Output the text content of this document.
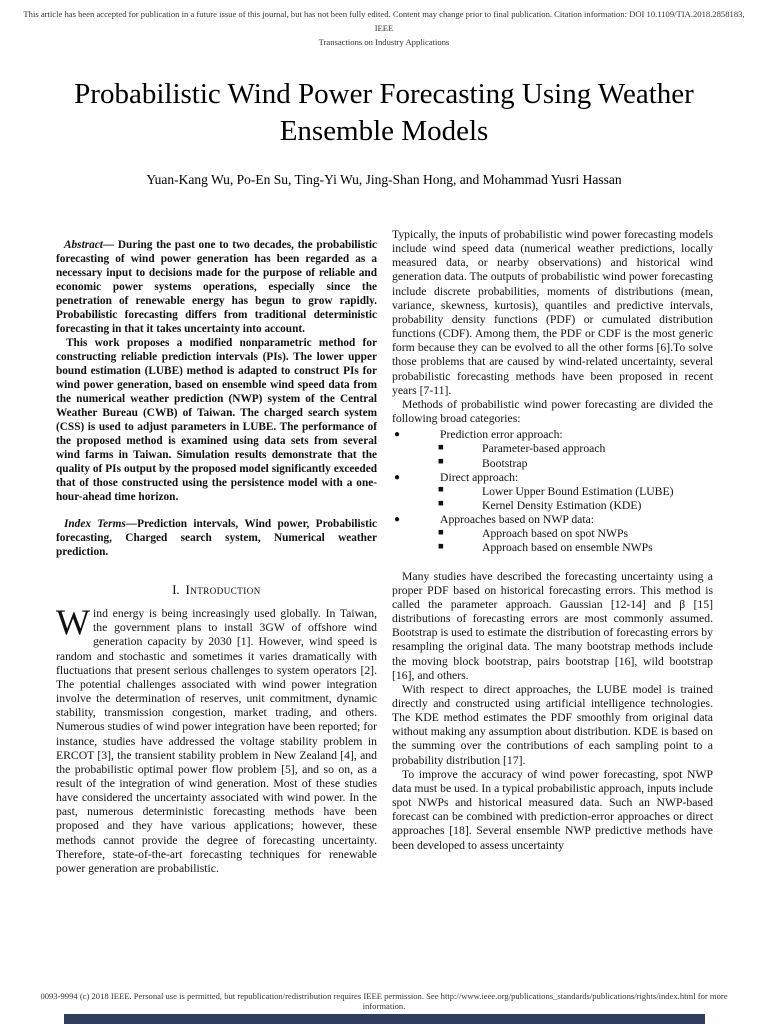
This article has been accepted for publication in a future issue of this journal, but has not been fully edited. Content may change prior to final publication. Citation information: DOI 10.1109/TIA.2018.2858183, IEEE
Transactions on Industry Applications
Probabilistic Wind Power Forecasting Using Weather Ensemble Models
Yuan-Kang Wu, Po-En Su, Ting-Yi Wu, Jing-Shan Hong, and Mohammad Yusri Hassan

Abstract— During the past one to two decades, the probabilistic forecasting of wind power generation has been regarded as a necessary input to decisions made for the purpose of reliable and economic power systems operations, especially since the penetration of renewable energy has begun to grow rapidly. Probabilistic forecasting differs from traditional deterministic forecasting in that it takes uncertainty into account.

This work proposes a modified nonparametric method for constructing reliable prediction intervals (PIs). The lower upper bound estimation (LUBE) method is adapted to construct PIs for wind power generation, based on ensemble wind speed data from the numerical weather prediction (NWP) system of the Central Weather Bureau (CWB) of Taiwan. The charged search system (CSS) is used to adjust parameters in LUBE. The performance of the proposed method is examined using data sets from several wind farms in Taiwan. Simulation results demonstrate that the quality of PIs output by the proposed model significantly exceeded that of those constructed using the persistence model with a one-hour-ahead time horizon.

Index Terms—Prediction intervals, Wind power, Probabilistic forecasting, Charged search system, Numerical weather prediction.

I. Introduction

Wind energy is being increasingly used globally. In Taiwan, the government plans to install 3GW of offshore wind generation capacity by 2030 [1]. However, wind speed is random and stochastic and sometimes it varies dramatically with fluctuations that present serious challenges to system operators [2]. The potential challenges associated with wind power integration involve the determination of reserves, unit commitment, dynamic stability, transmission congestion, market trading, and others. Numerous studies of wind power integration have been reported; for instance, studies have addressed the voltage stability problem in ERCOT [3], the transient stability problem in New Zealand [4], and the probabilistic optimal power flow problem [5], and so on, as a result of the integration of wind generation. Most of these studies have considered the uncertainty associated with wind power. In the past, numerous deterministic forecasting methods have been proposed and they have various applications; however, these methods cannot provide the degree of forecasting uncertainty. Therefore, state-of-the-art forecasting techniques for renewable power generation are probabilistic.

Typically, the inputs of probabilistic wind power forecasting models include wind speed data (numerical weather predictions, locally measured data, or nearby observations) and historical wind generation data. The outputs of probabilistic wind power forecasting include discrete probabilities, moments of distributions (mean, variance, skewness, kurtosis), quantiles and predictive intervals, probability density functions (PDF) or cumulated distribution functions (CDF). Among them, the PDF or CDF is the most generic form because they can be evolved to all the other forms [6].To solve those problems that are caused by wind-related uncertainty, several probabilistic forecasting methods have been proposed in recent years [7-11].

Methods of probabilistic wind power forecasting are divided the following broad categories:

●	Prediction error approach:
■	Parameter-based approach
■	Bootstrap
●	Direct approach:
■	Lower Upper Bound Estimation (LUBE)
■	Kernel Density Estimation (KDE)
●	Approaches based on NWP data:
■	Approach based on spot NWPs
■	Approach based on ensemble NWPs

Many studies have described the forecasting uncertainty using a proper PDF based on historical forecasting errors. This method is called the parameter approach. Gaussian [12-14] and β [15] distributions of forecasting errors are most commonly assumed. Bootstrap is used to estimate the distribution of forecasting errors by resampling the original data. The many bootstrap methods include the moving block bootstrap, pairs bootstrap [16], wild bootstrap [16], and others.

With respect to direct approaches, the LUBE model is trained directly and constructed using artificial intelligence technologies. The KDE method estimates the PDF smoothly from original data without making any assumption about distribution. KDE is based on the summing over the contributions of each sampling point to a probability distribution [17].

To improve the accuracy of wind power forecasting, spot NWP data must be used. In a typical probabilistic approach, inputs include spot NWPs and historical measured data. Such an NWP-based forecast can be combined with prediction-error approaches or direct approaches [18]. Several ensemble NWP predictive methods have been developed to assess uncertainty

0093-9994 (c) 2018 IEEE. Personal use is permitted, but republication/redistribution requires IEEE permission. See http://www.ieee.org/publications_standards/publications/rights/index.html for more information.
